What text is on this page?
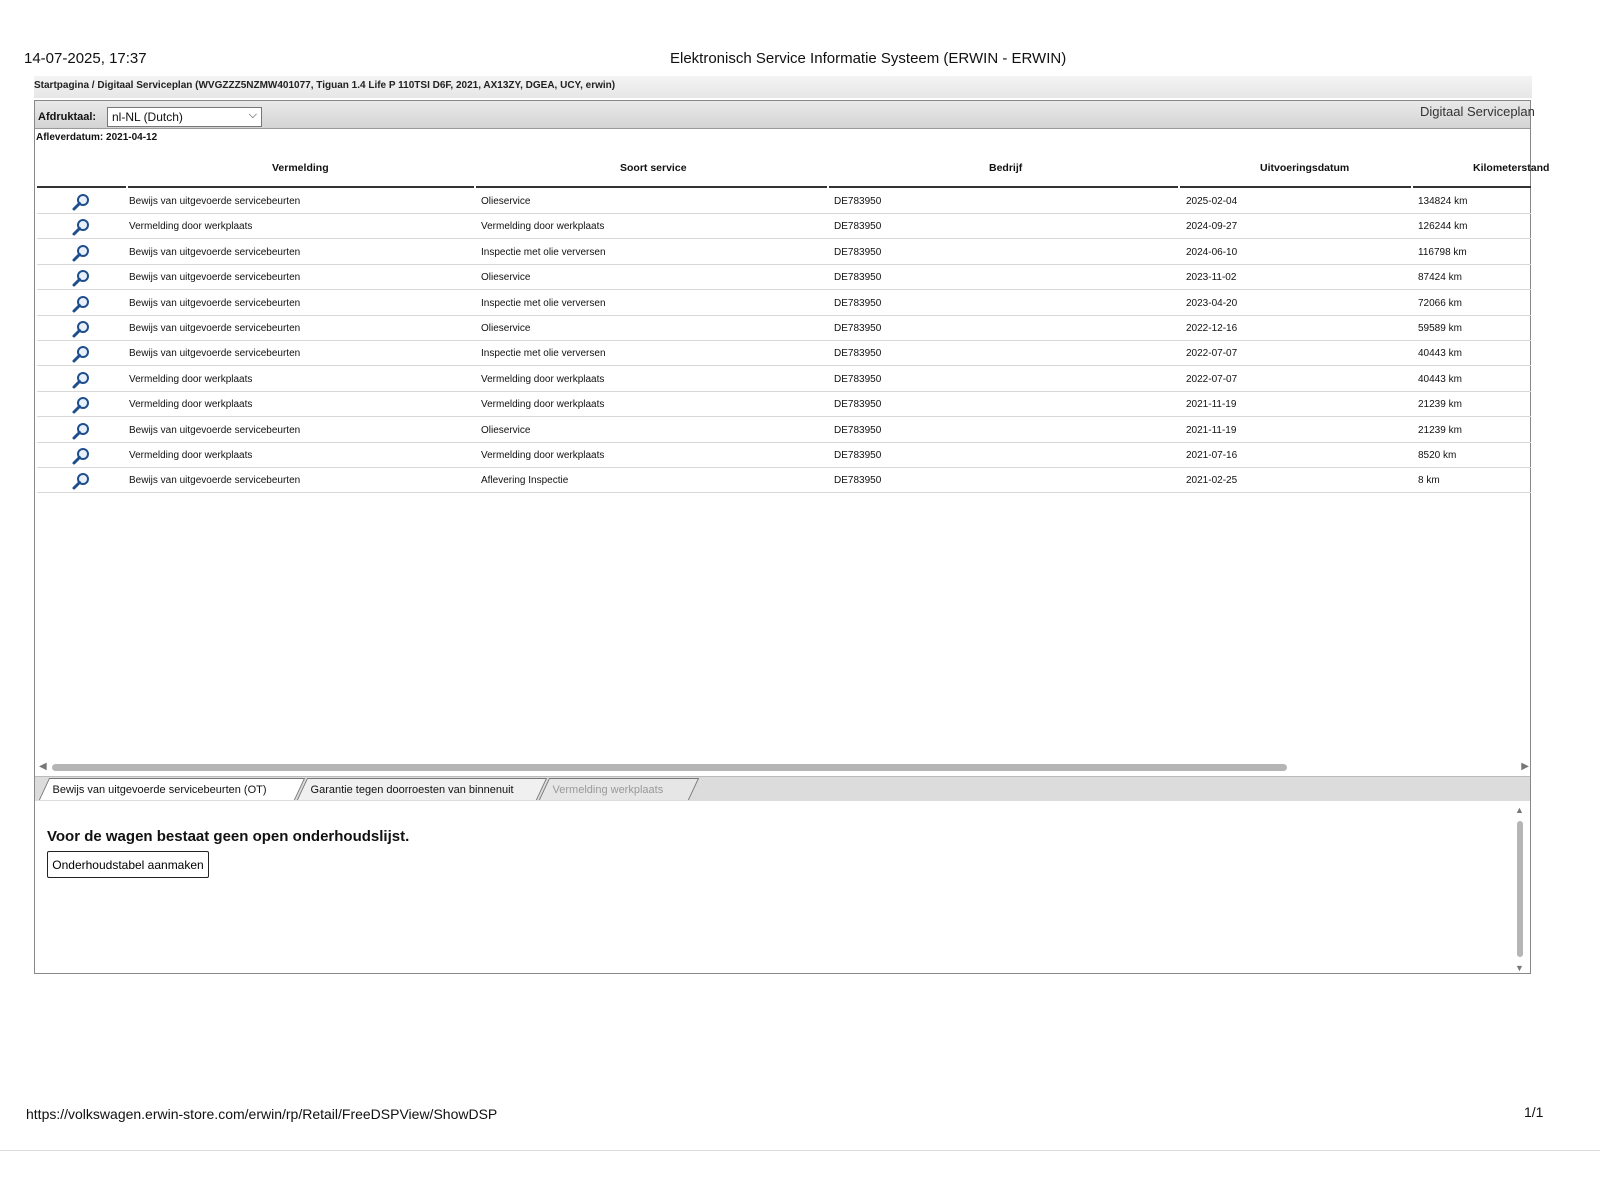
14-07-2025, 17:37	Elektronisch Service Informatie Systeem (ERWIN - ERWIN)
Startpagina / Digitaal Serviceplan (WVGZZZ5NZMW401077, Tiguan 1.4 Life P 110TSI D6F, 2021, AX13ZY, DGEA, UCY, erwin)
Afdruktaal:	nl-NL (Dutch)	⌵	Digitaal Serviceplan
Afleverdatum: 2021-04-12
Vermelding	Soort service	Bedrijf	Uitvoeringsdatum	Kilometerstand
Bewijs van uitgevoerde servicebeurten	Olieservice	DE783950	2025-02-04	134824 km
Vermelding door werkplaats	Vermelding door werkplaats	DE783950	2024-09-27	126244 km
Bewijs van uitgevoerde servicebeurten	Inspectie met olie verversen	DE783950	2024-06-10	116798 km
Bewijs van uitgevoerde servicebeurten	Olieservice	DE783950	2023-11-02	87424 km
Bewijs van uitgevoerde servicebeurten	Inspectie met olie verversen	DE783950	2023-04-20	72066 km
Bewijs van uitgevoerde servicebeurten	Olieservice	DE783950	2022-12-16	59589 km
Bewijs van uitgevoerde servicebeurten	Inspectie met olie verversen	DE783950	2022-07-07	40443 km
Vermelding door werkplaats	Vermelding door werkplaats	DE783950	2022-07-07	40443 km
Vermelding door werkplaats	Vermelding door werkplaats	DE783950	2021-11-19	21239 km
Bewijs van uitgevoerde servicebeurten	Olieservice	DE783950	2021-11-19	21239 km
Vermelding door werkplaats	Vermelding door werkplaats	DE783950	2021-07-16	8520 km
Bewijs van uitgevoerde servicebeurten	Aflevering Inspectie	DE783950	2021-02-25	8 km
◀	▶
Bewijs van uitgevoerde servicebeurten (OT)	Garantie tegen doorroesten van binnenuit	Vermelding werkplaats
Voor de wagen bestaat geen open onderhoudslijst.
Onderhoudstabel aanmaken
▲
▼
https://volkswagen.erwin-store.com/erwin/rp/Retail/FreeDSPView/ShowDSP	1/1
